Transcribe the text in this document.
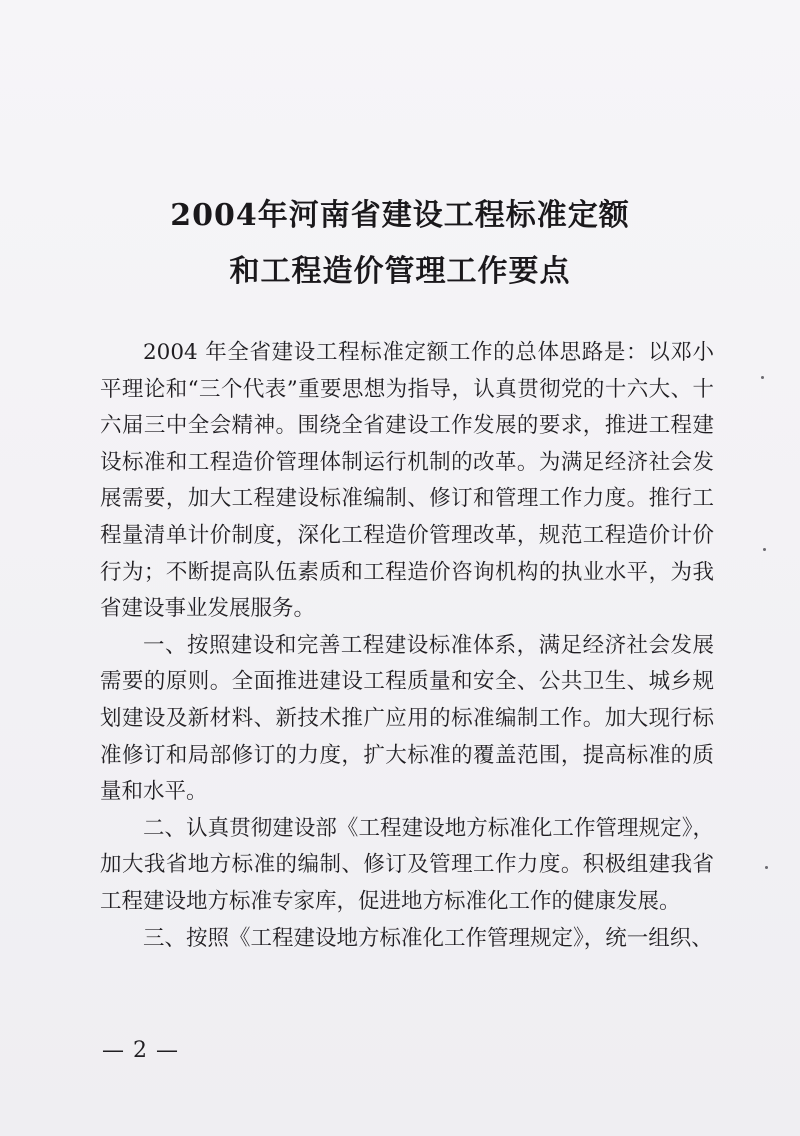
2004年河南省建设工程标准定额
和工程造价管理工作要点

2004 年全省建设工程标准定额工作的总体思路是：以邓小平理论和“三个代表”重要思想为指导，认真贯彻党的十六大、十六届三中全会精神。围绕全省建设工作发展的要求，推进工程建设标准和工程造价管理体制运行机制的改革。为满足经济社会发展需要，加大工程建设标准编制、修订和管理工作力度。推行工程量清单计价制度，深化工程造价管理改革，规范工程造价计价行为；不断提高队伍素质和工程造价咨询机构的执业水平，为我省建设事业发展服务。

一、按照建设和完善工程建设标准体系，满足经济社会发展需要的原则。全面推进建设工程质量和安全、公共卫生、城乡规划建设及新材料、新技术推广应用的标准编制工作。加大现行标准修订和局部修订的力度，扩大标准的覆盖范围，提高标准的质量和水平。

二、认真贯彻建设部《工程建设地方标准化工作管理规定》，加大我省地方标准的编制、修订及管理工作力度。积极组建我省工程建设地方标准专家库，促进地方标准化工作的健康发展。

三、按照《工程建设地方标准化工作管理规定》，统一组织、

— 2 —
